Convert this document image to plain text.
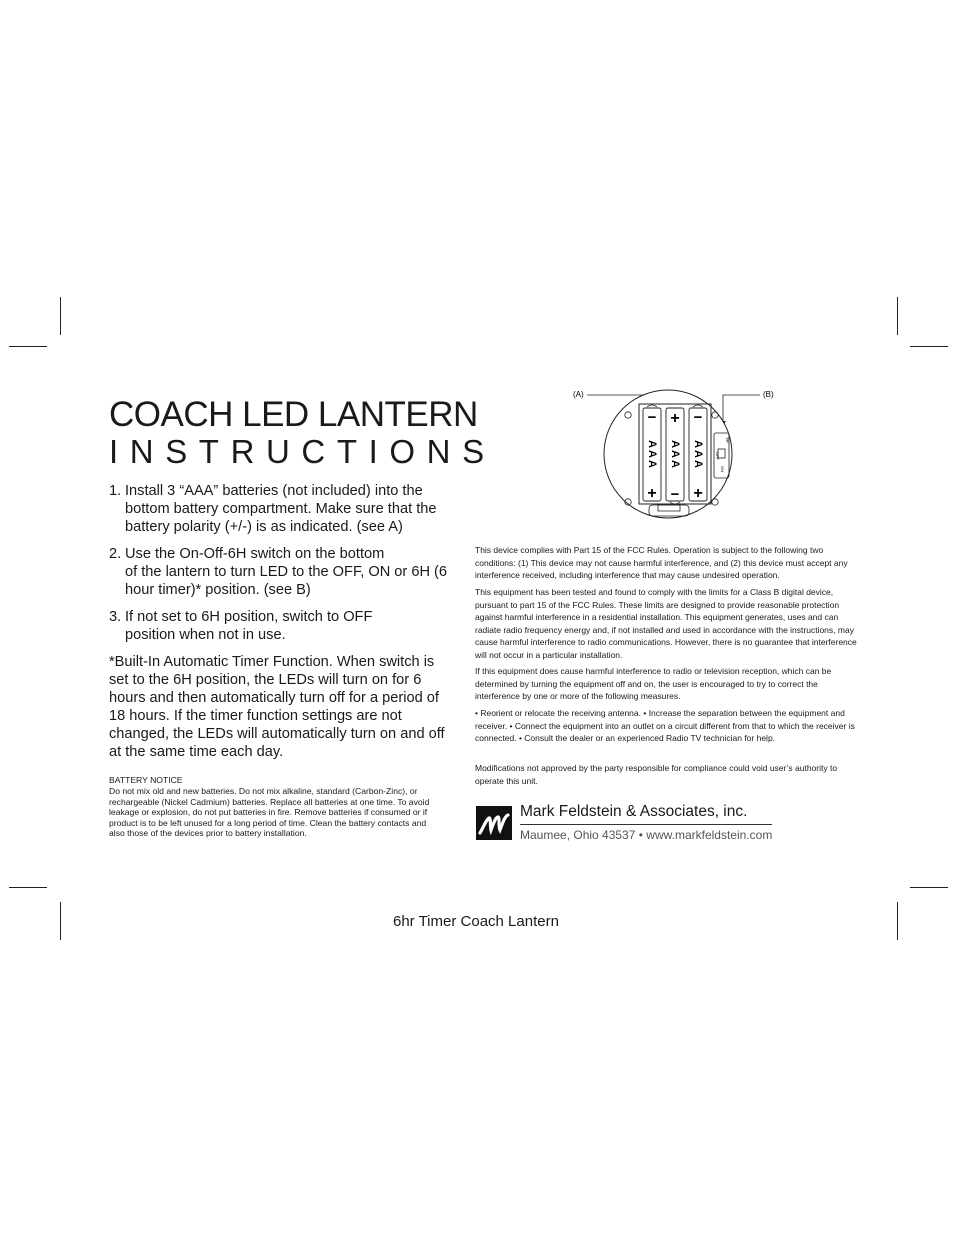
COACH LED LANTERN
INSTRUCTIONS
1. Install 3 “AAA” batteries (not included) into the
bottom battery compartment. Make sure that the battery polarity (+/-) is as indicated. (see A)
2. Use the On-Off-6H switch on the bottom
of the lantern to turn LED to the OFF, ON or 6H (6 hour timer)* position. (see B)
3. If not set to 6H position, switch to OFF
position when not in use.
*Built-In Automatic Timer Function. When switch is set to the 6H position, the LEDs will turn on for 6 hours and then automatically turn off for a period of 18 hours. If the timer function settings are not changed, the LEDs will automatically turn on and off at the same time each day.
BATTERY NOTICE
Do not mix old and new batteries. Do not mix alkaline, standard (Carbon-Zinc), or rechargeable (Nickel Cadmium) batteries. Replace all batteries at one time. To avoid leakage or explosion, do not put batteries in fire. Remove batteries if consumed or if product is to be left unused for a long period of time. Clean the battery contacts and also those of the devices prior to battery installation.
(A)	(B)
AAA AAA AAA
−
+
+
−
−
+
OFF
ON
6H

This device complies with Part 15 of the FCC Rules. Operation is subject to the following two conditions: (1) This device may not cause harmful interference, and (2) this device must accept any interference received, including interference that may cause undesired operation.

This equipment has been tested and found to comply with the limits for a Class B digital device, pursuant to part 15 of the FCC Rules. These limits are designed to provide reasonable protection against harmful interference in a residential installation. This equipment generates, uses and can radiate radio frequency energy and, if not installed and used in accordance with the instructions, may cause harmful interference to radio communications. However, there is no guarantee that interference will not occur in a particular installation.

If this equipment does cause harmful interference to radio or television reception, which can be determined by turning the equipment off and on, the user is encouraged to try to correct the interference by one or more of the following measures.

• Reorient or relocate the receiving antenna. • Increase the separation between the equipment and receiver. • Connect the equipment into an outlet on a circuit different from that to which the receiver is connected. • Consult the dealer or an experienced Radio TV technician for help.

Modifications not approved by the party responsible for compliance could void user’s authority to operate this unit.

Mark Feldstein & Associates, inc.
Maumee, Ohio 43537 • www.markfeldstein.com
6hr Timer Coach Lantern
